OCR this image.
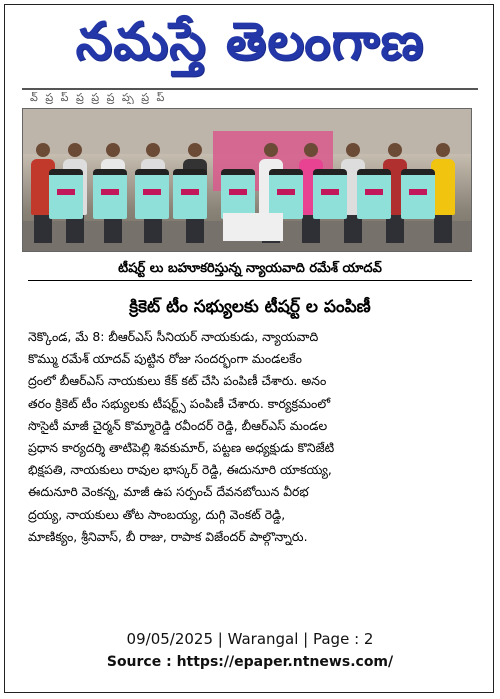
నమస్తే తెలంగాణ
వ్ ప్ర ప్ ప్ర ప్ర ప్ర ప్ప ప్ర ప్
టీషర్ట్ లు బహూకరిస్తున్న న్యాయవాది రమేశ్ యాదవ్
క్రికెట్ టీం సభ్యులకు టీషర్ట్ ల పంపిణీ
నెక్కొండ, మే 8: బీఆర్ఎస్ సీనియర్ నాయకుడు, న్యాయవాది
కొమ్ము రమేశ్ యాదవ్ పుట్టిన రోజు సందర్భంగా మండలకేం
ద్రంలో బీఆర్ఎస్ నాయకులు కేక్ కట్ చేసి పంపిణీ చేశారు. అనం
తరం క్రికెట్ టీం సభ్యులకు టీషర్ట్స్ పంపిణీ చేశారు. కార్యక్రమంలో
సొసైటీ మాజీ చైర్మన్ కొమ్మారెడ్డి రవీందర్ రెడ్డి, బీఆర్ఎస్ మండల
ప్రధాన కార్యదర్శి తాటిపెల్లి శివకుమార్, పట్టణ అధ్యక్షుడు కొనిజేటి
భిక్షపతి, నాయకులు రావుల భాస్కర్ రెడ్డి, ఈదునూరి యాకయ్య,
ఈదునూరి వెంకన్న, మాజీ ఉప సర్పంచ్ దేవనబోయిన వీరభ
ద్రయ్య, నాయకులు తోట సాంబయ్య, దుగ్గి వెంకట్ రెడ్డి,
మాణిక్యం, శ్రీనివాస్, బీ రాజు, రాపాక విజేందర్ పాల్గొన్నారు.
09/05/2025 | Warangal | Page : 2
Source : https://epaper.ntnews.com/
